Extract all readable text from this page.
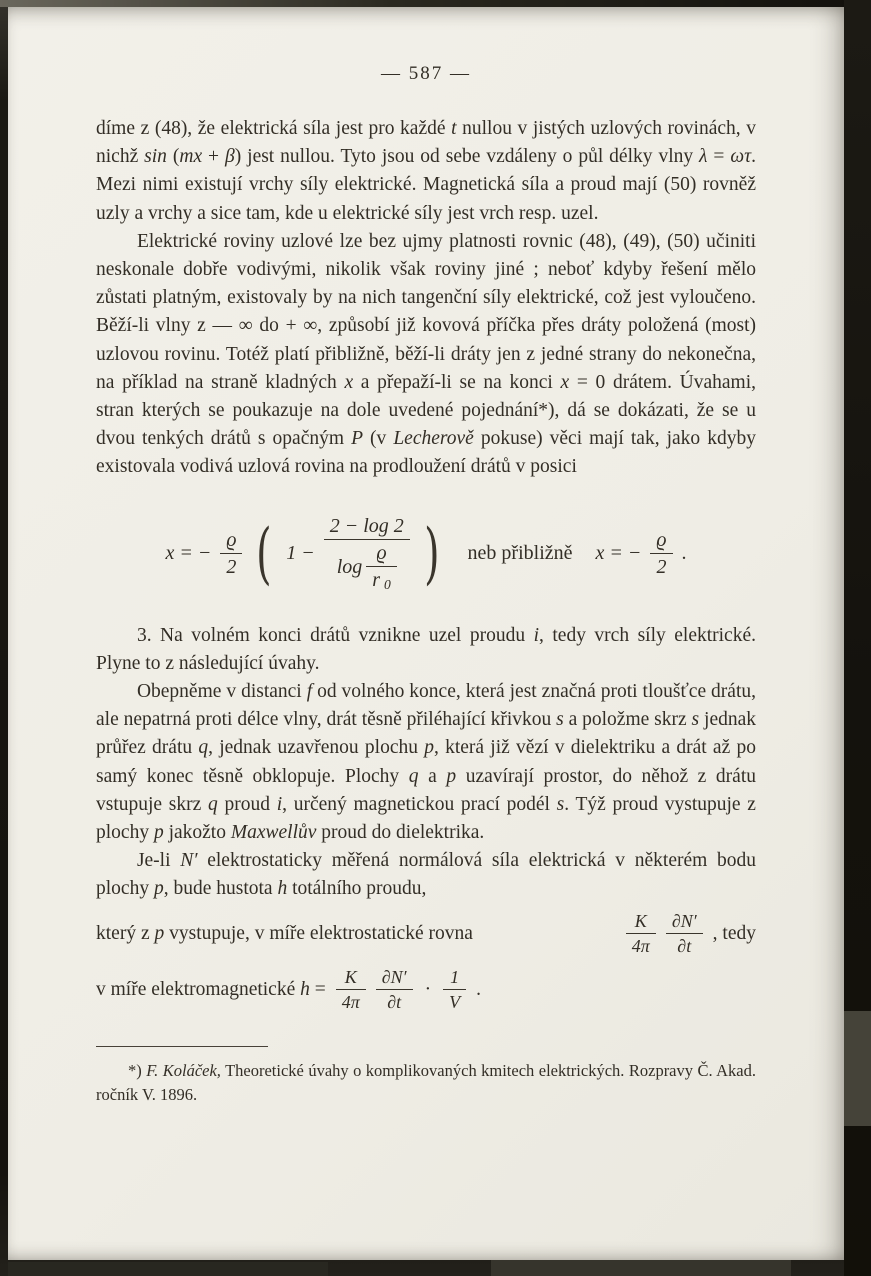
— 587 —

díme z (48), že elektrická síla jest pro každé t nullou v jistých uzlových rovinách, v nichž sin (mx + β) jest nullou. Tyto jsou od sebe vzdáleny o půl délky vlny λ = ωτ. Mezi nimi existují vrchy síly elektrické. Magnetická síla a proud mají (50) rovněž uzly a vrchy a sice tam, kde u elektrické síly jest vrch resp. uzel.

Elektrické roviny uzlové lze bez ujmy platnosti rovnic (48), (49), (50) učiniti neskonale dobře vodivými, nikolik však roviny jiné ; neboť kdyby řešení mělo zůstati platným, existovaly by na nich tangenční síly elektrické, což jest vyloučeno. Běží-li vlny z — ∞ do + ∞, způsobí již kovová příčka přes dráty položená (most) uzlovou rovinu. Totéž platí přibližně, běží-li dráty jen z jedné strany do nekonečna, na příklad na straně kladných x a přepaží-li se na konci x = 0 drátem. Úvahami, stran kterých se poukazuje na dole uvedené pojednání*), dá se dokázati, že se u dvou tenkých drátů s opačným P (v Lecherově pokuse) věci mají tak, jako kdyby existovala vodivá uzlová rovina na prodloužení drátů v posici

x = − $\frac{ϱ}{2}$ ( 1 −
2 − log 2
$\log \frac{ϱ}{r 0}$ ) neb přibližně x = − $\frac{ϱ}{2}$ .

3. Na volném konci drátů vznikne uzel proudu i, tedy vrch síly elektrické. Plyne to z následující úvahy.

Obepněme v distanci f od volného konce, která jest značná proti tloušťce drátu, ale nepatrná proti délce vlny, drát těsně přiléhající křivkou s a položme skrz s jednak průřez drátu q, jednak uzavřenou plochu p, která již vězí v dielektriku a drát až po samý konec těsně obklopuje. Plochy q a p uzavírají prostor, do něhož z drátu vstupuje skrz q proud i, určený magnetickou prací podél s. Týž proud vystupuje z plochy p jakožto Maxwellův proud do dielektrika.

Je-li N′ elektrostaticky měřená normálová síla elektrická v některém bodu plochy p, bude hustota h totálního proudu,

který z p vystupuje, v míře elektrostatické rovna	$\frac{K}{4\pi} \frac{\partial N'}{\partial t}$ , tedy
v míře elektromagnetické $h = \frac{K}{4\pi} \frac{\partial N'}{\partial t} \cdot \frac{1}{V}$ .

*) F. Koláček, Theoretické úvahy o komplikovaných kmitech elektrických. Rozpravy Č. Akad. ročník V. 1896.
